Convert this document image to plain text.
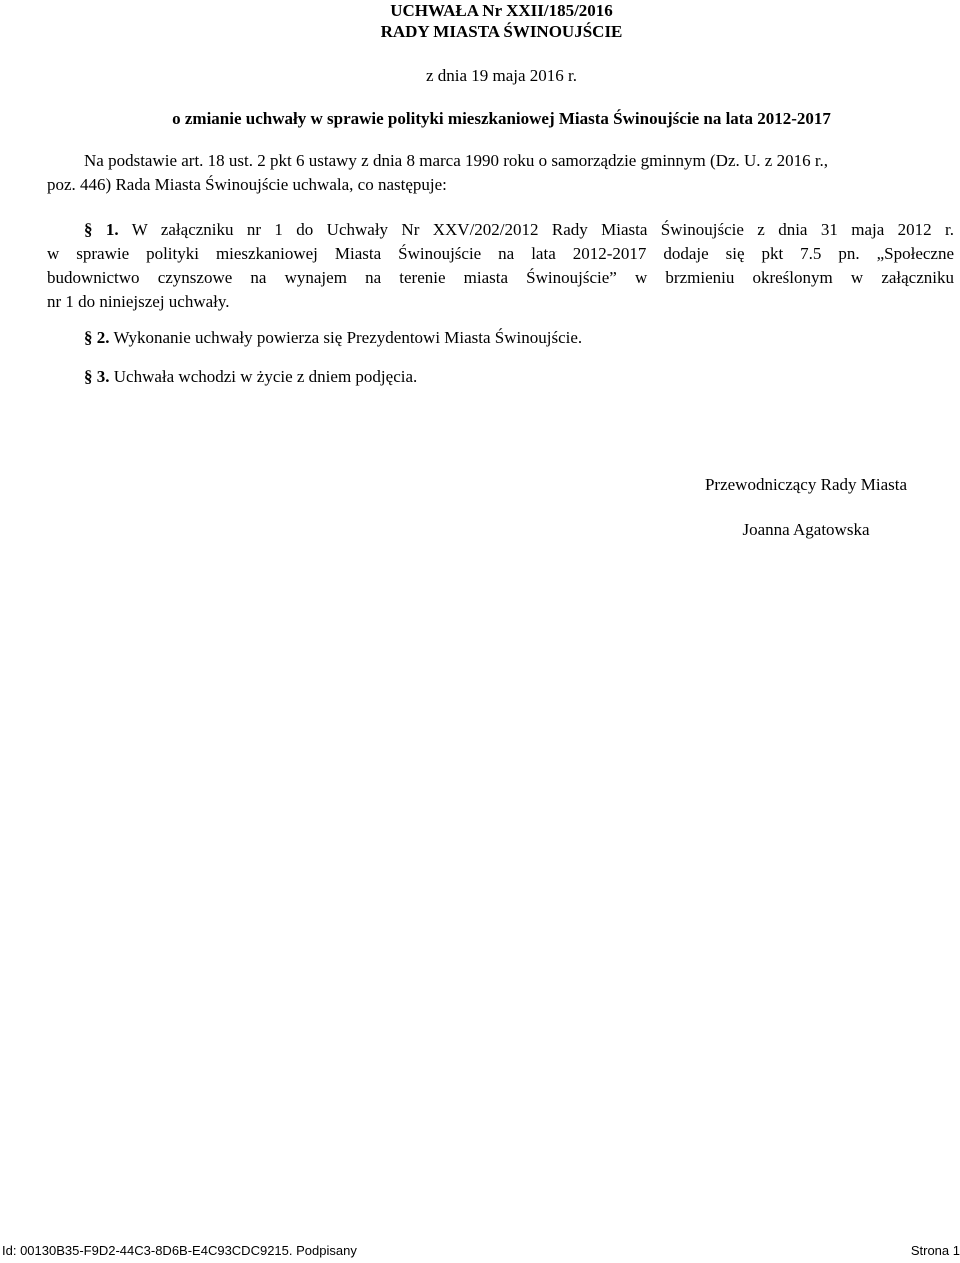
UCHWAŁA Nr XXII/185/2016
RADY MIASTA ŚWINOUJŚCIE
z dnia 19 maja 2016 r.
o zmianie uchwały w sprawie polityki mieszkaniowej Miasta Świnoujście na lata 2012-2017
Na podstawie art. 18 ust. 2 pkt 6 ustawy z dnia 8 marca 1990 roku o samorządzie gminnym (Dz. U. z 2016 r.,
poz. 446) Rada Miasta Świnoujście uchwala, co następuje:
§ 1. W załączniku nr 1 do Uchwały Nr XXV/202/2012 Rady Miasta Świnoujście z dnia 31 maja 2012 r.
w sprawie polityki mieszkaniowej Miasta Świnoujście na lata 2012-2017 dodaje się pkt 7.5 pn. „Społeczne
budownictwo czynszowe na wynajem na terenie miasta Świnoujście” w brzmieniu określonym w załączniku
nr 1 do niniejszej uchwały.
§ 2. Wykonanie uchwały powierza się Prezydentowi Miasta Świnoujście.
§ 3. Uchwała wchodzi w życie z dniem podjęcia.
Przewodniczący Rady Miasta
Joanna Agatowska
Id: 00130B35-F9D2-44C3-8D6B-E4C93CDC9215. Podpisany	Strona 1
